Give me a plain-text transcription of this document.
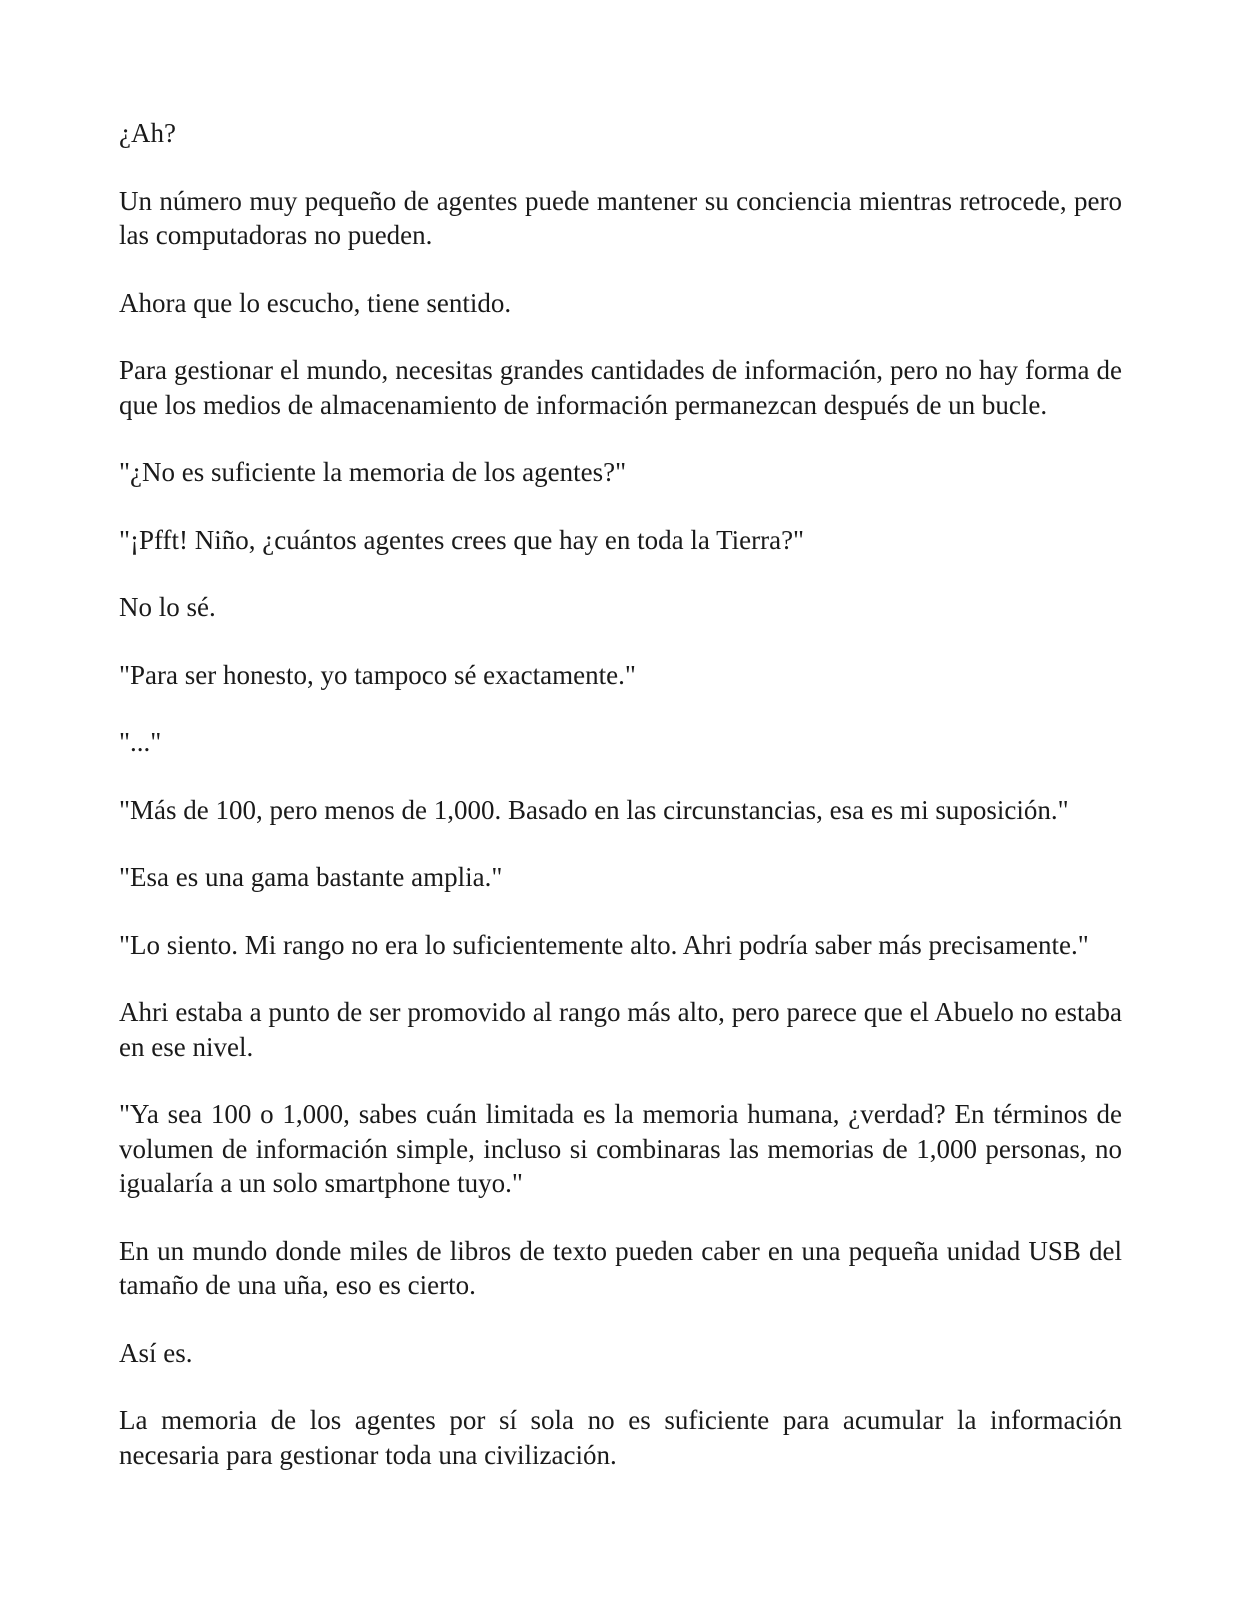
¿Ah?

Un número muy pequeño de agentes puede mantener su conciencia mientras retrocede, pero las computadoras no pueden.

Ahora que lo escucho, tiene sentido.

Para gestionar el mundo, necesitas grandes cantidades de información, pero no hay forma de que los medios de almacenamiento de información permanezcan después de un bucle.

"¿No es suficiente la memoria de los agentes?"

"¡Pfft! Niño, ¿cuántos agentes crees que hay en toda la Tierra?"

No lo sé.

"Para ser honesto, yo tampoco sé exactamente."

"..."

"Más de 100, pero menos de 1,000. Basado en las circunstancias, esa es mi suposición."

"Esa es una gama bastante amplia."

"Lo siento. Mi rango no era lo suficientemente alto. Ahri podría saber más precisamente."

Ahri estaba a punto de ser promovido al rango más alto, pero parece que el Abuelo no estaba en ese nivel.

"Ya sea 100 o 1,000, sabes cuán limitada es la memoria humana, ¿verdad? En términos de volumen de información simple, incluso si combinaras las memorias de 1,000 personas, no igualaría a un solo smartphone tuyo."

En un mundo donde miles de libros de texto pueden caber en una pequeña unidad USB del tamaño de una uña, eso es cierto.

Así es.

La memoria de los agentes por sí sola no es suficiente para acumular la información necesaria para gestionar toda una civilización.
